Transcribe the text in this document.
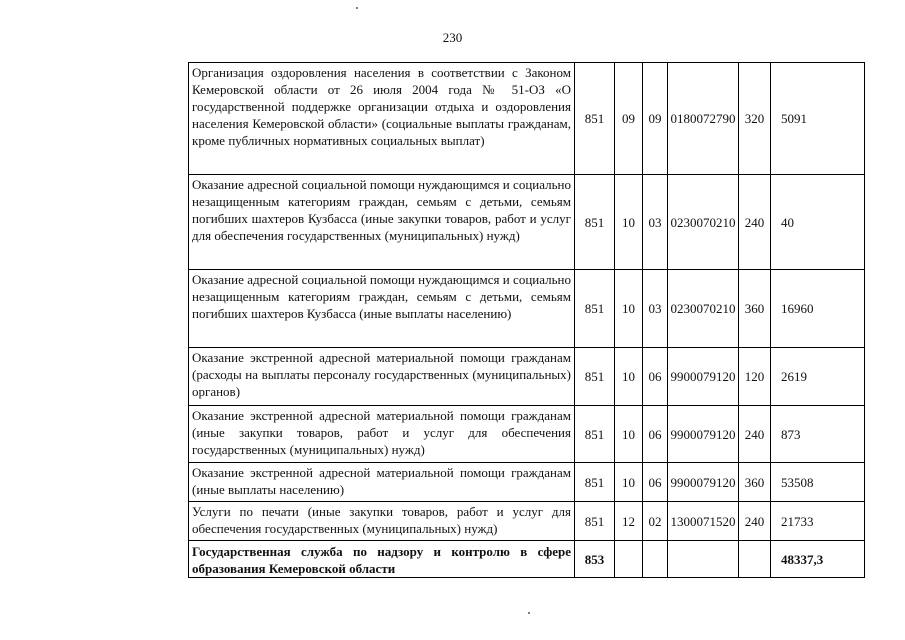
230
Организация оздоровления населения в соответствии с Законом Кемеровской области от 26 июля 2004 года № 51-ОЗ «О государственной поддержке организации отдыха и оздоровления населения Кемеровской области» (социальные выплаты гражданам, кроме публичных нормативных социальных выплат)	851	09	09	0180072790	320	5091
Оказание адресной социальной помощи нуждающимся и социально незащищенным категориям граждан, семьям с детьми, семьям погибших шахтеров Кузбасса (иные закупки товаров, работ и услуг для обеспечения государственных (муниципальных) нужд)	851	10	03	0230070210	240	40
Оказание адресной социальной помощи нуждающимся и социально незащищенным категориям граждан, семьям с детьми, семьям погибших шахтеров Кузбасса (иные выплаты населению)	851	10	03	0230070210	360	16960
Оказание экстренной адресной материальной помощи гражданам (расходы на выплаты персоналу государственных (муниципальных) органов)	851	10	06	9900079120	120	2619
Оказание экстренной адресной материальной помощи гражданам (иные закупки товаров, работ и услуг для обеспечения государственных (муниципальных) нужд)	851	10	06	9900079120	240	873
Оказание экстренной адресной материальной помощи гражданам (иные выплаты населению)	851	10	06	9900079120	360	53508
Услуги по печати (иные закупки товаров, работ и услуг для обеспечения государственных (муниципальных) нужд)	851	12	02	1300071520	240	21733
Государственная служба по надзору и контролю в сфере образования Кемеровской области	853					48337,3
